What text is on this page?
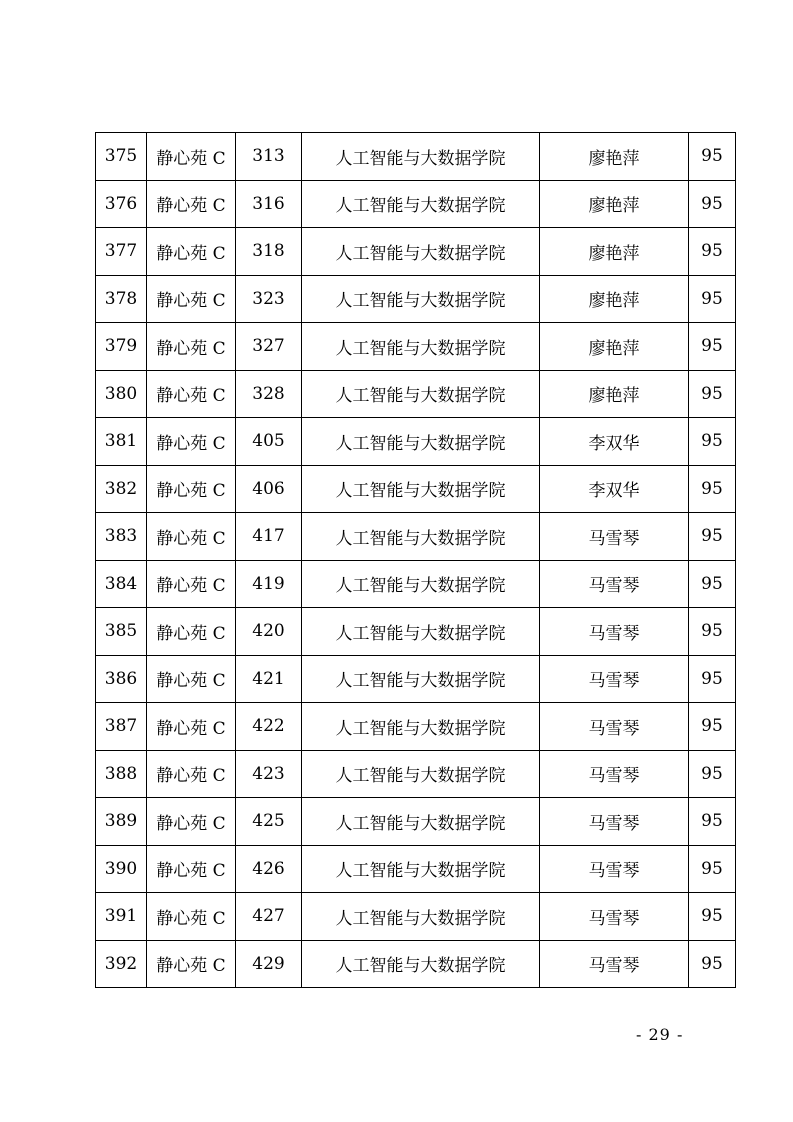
375	静心苑 C	313	人工智能与大数据学院	廖艳萍	95
376	静心苑 C	316	人工智能与大数据学院	廖艳萍	95
377	静心苑 C	318	人工智能与大数据学院	廖艳萍	95
378	静心苑 C	323	人工智能与大数据学院	廖艳萍	95
379	静心苑 C	327	人工智能与大数据学院	廖艳萍	95
380	静心苑 C	328	人工智能与大数据学院	廖艳萍	95
381	静心苑 C	405	人工智能与大数据学院	李双华	95
382	静心苑 C	406	人工智能与大数据学院	李双华	95
383	静心苑 C	417	人工智能与大数据学院	马雪琴	95
384	静心苑 C	419	人工智能与大数据学院	马雪琴	95
385	静心苑 C	420	人工智能与大数据学院	马雪琴	95
386	静心苑 C	421	人工智能与大数据学院	马雪琴	95
387	静心苑 C	422	人工智能与大数据学院	马雪琴	95
388	静心苑 C	423	人工智能与大数据学院	马雪琴	95
389	静心苑 C	425	人工智能与大数据学院	马雪琴	95
390	静心苑 C	426	人工智能与大数据学院	马雪琴	95
391	静心苑 C	427	人工智能与大数据学院	马雪琴	95
392	静心苑 C	429	人工智能与大数据学院	马雪琴	95
- 29 -
